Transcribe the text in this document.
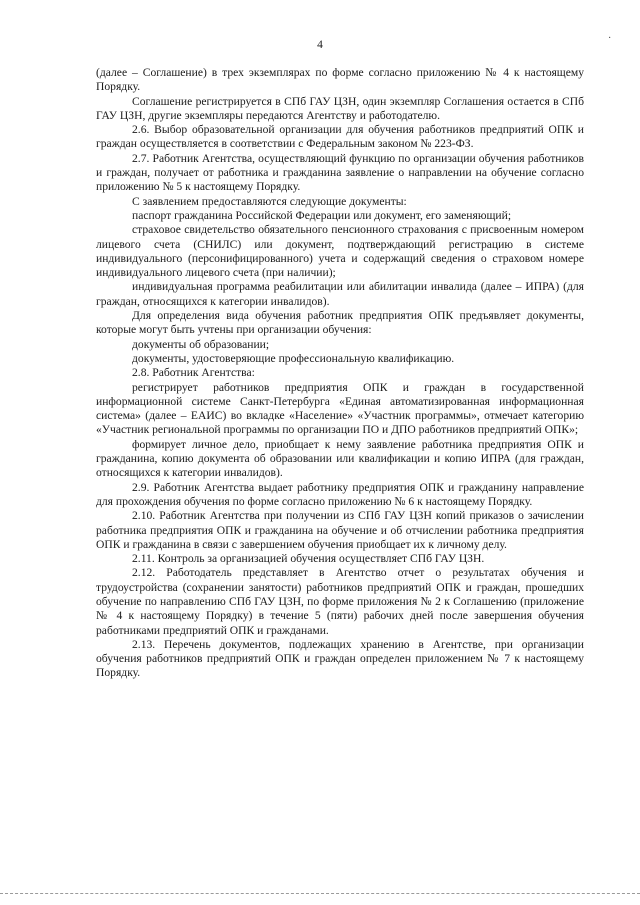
4
·

(далее – Соглашение) в трех экземплярах по форме согласно приложению № 4 к настоящему Порядку.

Соглашение регистрируется в СПб ГАУ ЦЗН, один экземпляр Соглашения остается в СПб ГАУ ЦЗН, другие экземпляры передаются Агентству и работодателю.

2.6. Выбор образовательной организации для обучения работников предприятий ОПК и граждан осуществляется в соответствии с Федеральным законом № 223-ФЗ.

2.7. Работник Агентства, осуществляющий функцию по организации обучения работников и граждан, получает от работника и гражданина заявление о направлении на обучение согласно приложению № 5 к настоящему Порядку.

С заявлением предоставляются следующие документы:

паспорт гражданина Российской Федерации или документ, его заменяющий;

страховое свидетельство обязательного пенсионного страхования с присвоенным номером лицевого счета (СНИЛС) или документ, подтверждающий регистрацию в системе индивидуального (персонифицированного) учета и содержащий сведения о страховом номере индивидуального лицевого счета (при наличии);

индивидуальная программа реабилитации или абилитации инвалида (далее – ИПРА) (для граждан, относящихся к категории инвалидов).

Для определения вида обучения работник предприятия ОПК предъявляет документы, которые могут быть учтены при организации обучения:

документы об образовании;

документы, удостоверяющие профессиональную квалификацию.

2.8. Работник Агентства:

регистрирует работников предприятия ОПК и граждан в государственной информационной системе Санкт-Петербурга «Единая автоматизированная информационная система» (далее – ЕАИС) во вкладке «Население» «Участник программы», отмечает категорию «Участник региональной программы по организации ПО и ДПО работников предприятий ОПК»;

формирует личное дело, приобщает к нему заявление работника предприятия ОПК и гражданина, копию документа об образовании или квалификации и копию ИПРА (для граждан, относящихся к категории инвалидов).

2.9. Работник Агентства выдает работнику предприятия ОПК и гражданину направление для прохождения обучения по форме согласно приложению № 6 к настоящему Порядку.

2.10. Работник Агентства при получении из СПб ГАУ ЦЗН копий приказов о зачислении работника предприятия ОПК и гражданина на обучение и об отчислении работника предприятия ОПК и гражданина в связи с завершением обучения приобщает их к личному делу.

2.11. Контроль за организацией обучения осуществляет СПб ГАУ ЦЗН.

2.12. Работодатель представляет в Агентство отчет о результатах обучения и трудоустройства (сохранении занятости) работников предприятий ОПК и граждан, прошедших обучение по направлению СПб ГАУ ЦЗН, по форме приложения № 2 к Соглашению (приложение № 4 к настоящему Порядку) в течение 5 (пяти) рабочих дней после завершения обучения работниками предприятий ОПК и гражданами.

2.13. Перечень документов, подлежащих хранению в Агентстве, при организации обучения работников предприятий ОПК и граждан определен приложением № 7 к настоящему Порядку.
